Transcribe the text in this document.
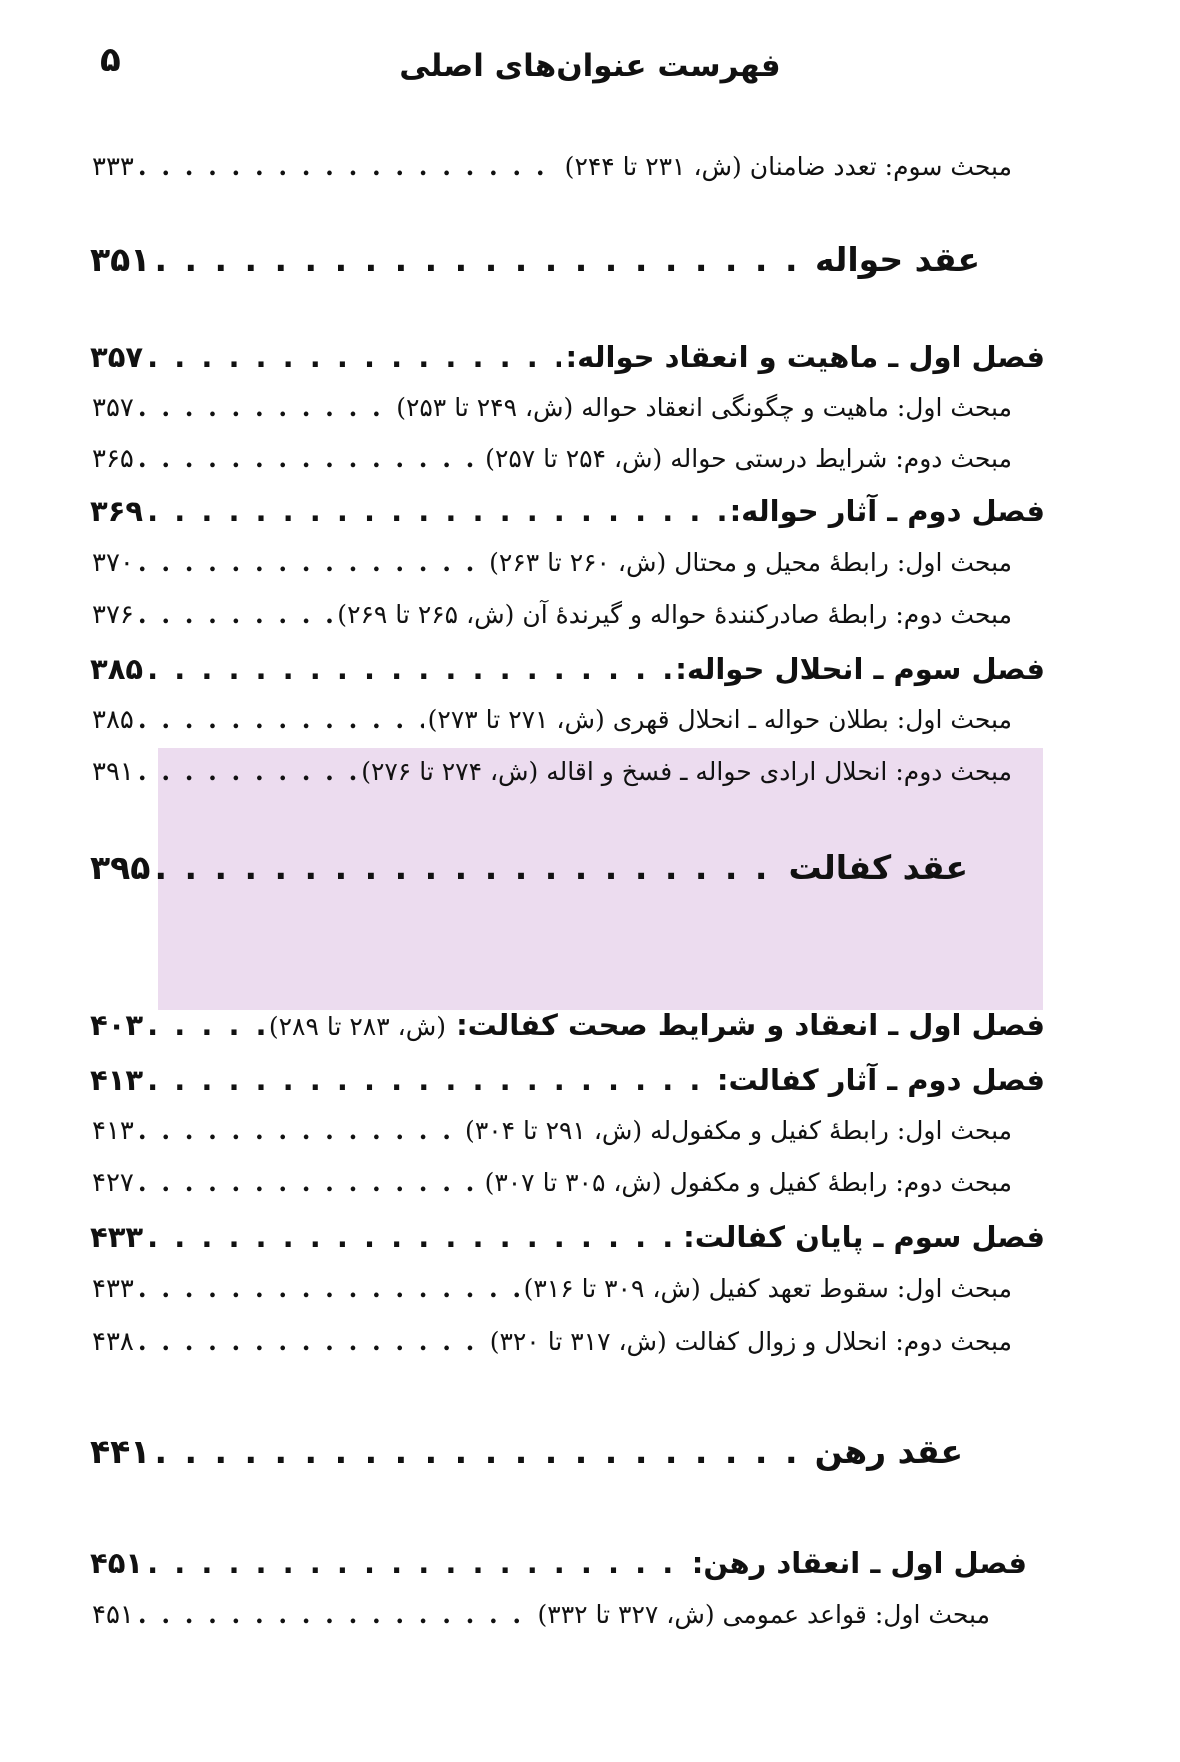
۵	فهرست عنوان‌های اصلی
مبحث سوم: تعدد ضامنان (ش، ۲۳۱ تا ۲۴۴)
. . .
۳۳۳
عقد حواله
. . .
۳۵۱
فصل اول ـ ماهیت و انعقاد حواله:
. . .
۳۵۷
مبحث اول: ماهیت و چگونگی انعقاد حواله (ش، ۲۴۹ تا ۲۵۳)
. . .
۳۵۷
مبحث دوم: شرایط درستی حواله (ش، ۲۵۴ تا ۲۵۷)
. . .
۳۶۵
فصل دوم ـ آثار حواله:
. . .
۳۶۹
مبحث اول: رابطهٔ محیل و محتال (ش، ۲۶۰ تا ۲۶۳)
. . .
۳۷۰
مبحث دوم: رابطهٔ صادرکنندهٔ حواله و گیرندهٔ آن (ش، ۲۶۵ تا ۲۶۹)
. . .
۳۷۶
فصل سوم ـ انحلال حواله:
. . .
۳۸۵
مبحث اول: بطلان حواله ـ انحلال قهری (ش، ۲۷۱ تا ۲۷۳)
. . .
۳۸۵
مبحث دوم: انحلال ارادی حواله ـ فسخ و اقاله (ش، ۲۷۴ تا ۲۷۶)
. . .
۳۹۱
عقد کفالت
. . .
۳۹۵
فصل اول ـ انعقاد و شرایط صحت کفالت: (ش، ۲۸۳ تا ۲۸۹)
. . .
۴۰۳
فصل دوم ـ آثار کفالت:
. . .
۴۱۳
مبحث اول: رابطهٔ کفیل و مکفول‌له (ش، ۲۹۱ تا ۳۰۴)
. . .
۴۱۳
مبحث دوم: رابطهٔ کفیل و مکفول (ش، ۳۰۵ تا ۳۰۷)
. . .
۴۲۷
فصل سوم ـ پایان کفالت:
. . .
۴۳۳
مبحث اول: سقوط تعهد کفیل (ش، ۳۰۹ تا ۳۱۶)
. . .
۴۳۳
مبحث دوم: انحلال و زوال کفالت (ش، ۳۱۷ تا ۳۲۰)
. . .
۴۳۸
عقد رهن
. . .
۴۴۱
فصل اول ـ انعقاد رهن:
. . .
۴۵۱
مبحث اول: قواعد عمومی (ش، ۳۲۷ تا ۳۳۲)
. . .
۴۵۱
